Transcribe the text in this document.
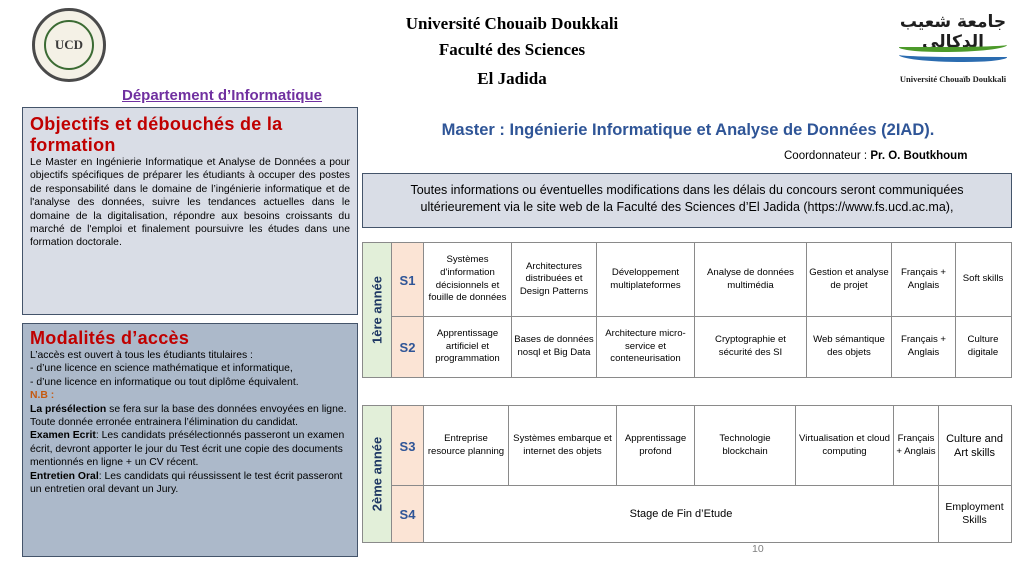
UCD
Université Chouaib Doukkali
Faculté des Sciences
El Jadida
جامعة شعيب الدكالي
Université Chouaïb Doukkali
Département d’Informatique
Objectifs et débouchés de la formation
Le Master en Ingénierie Informatique et Analyse de Données a pour objectifs spécifiques de préparer les étudiants à occuper des postes de responsabilité dans le domaine de l’ingénierie informatique et de l'analyse des données, suivre les tendances actuelles dans le domaine de la digitalisation, répondre aux besoins croissants du marché de l'emploi et finalement poursuivre les études dans une formation doctorale.
Modalités d’accès
L’accès est ouvert à tous les étudiants titulaires :
- d’une licence en science mathématique et informatique,
- d’une licence en informatique ou tout diplôme équivalent.
N.B :
La présélection se fera sur la base des données envoyées en ligne. Toute donnée erronée entrainera l’élimination du candidat.
Examen Ecrit: Les candidats présélectionnés passeront un examen écrit, devront apporter le jour du Test écrit une copie des documents mentionnés en ligne + un CV récent.
Entretien Oral: Les candidats qui réussissent le test écrit passeront un entretien oral devant un Jury.
Master : Ingénierie Informatique et Analyse de Données (2IAD).
Coordonnateur : Pr. O. Boutkhoum
Toutes informations ou éventuelles modifications dans les délais du concours seront communiquées ultérieurement via le site web de la Faculté des Sciences d’El Jadida (https://www.fs.ucd.ac.ma),
1ère année	S1
S2
Systèmes d'information décisionnels et fouille de données
Architectures distribuées et Design Patterns
Développement multiplateformes
Analyse de données multimédia
Gestion et analyse de projet
Français + Anglais
Soft skills
Apprentissage artificiel et programmation
Bases de données nosql et Big Data
Architecture micro-service et conteneurisation
Cryptographie et sécurité des SI
Web sémantique des objets
Français + Anglais
Culture digitale
2ème année	S3
S4
Entreprise resource planning
Systèmes embarque et internet des objets
Apprentissage profond
Technologie blockchain
Virtualisation et cloud computing
Français + Anglais
Culture and Art skills
Stage de Fin d’Etude
Employment Skills
10
